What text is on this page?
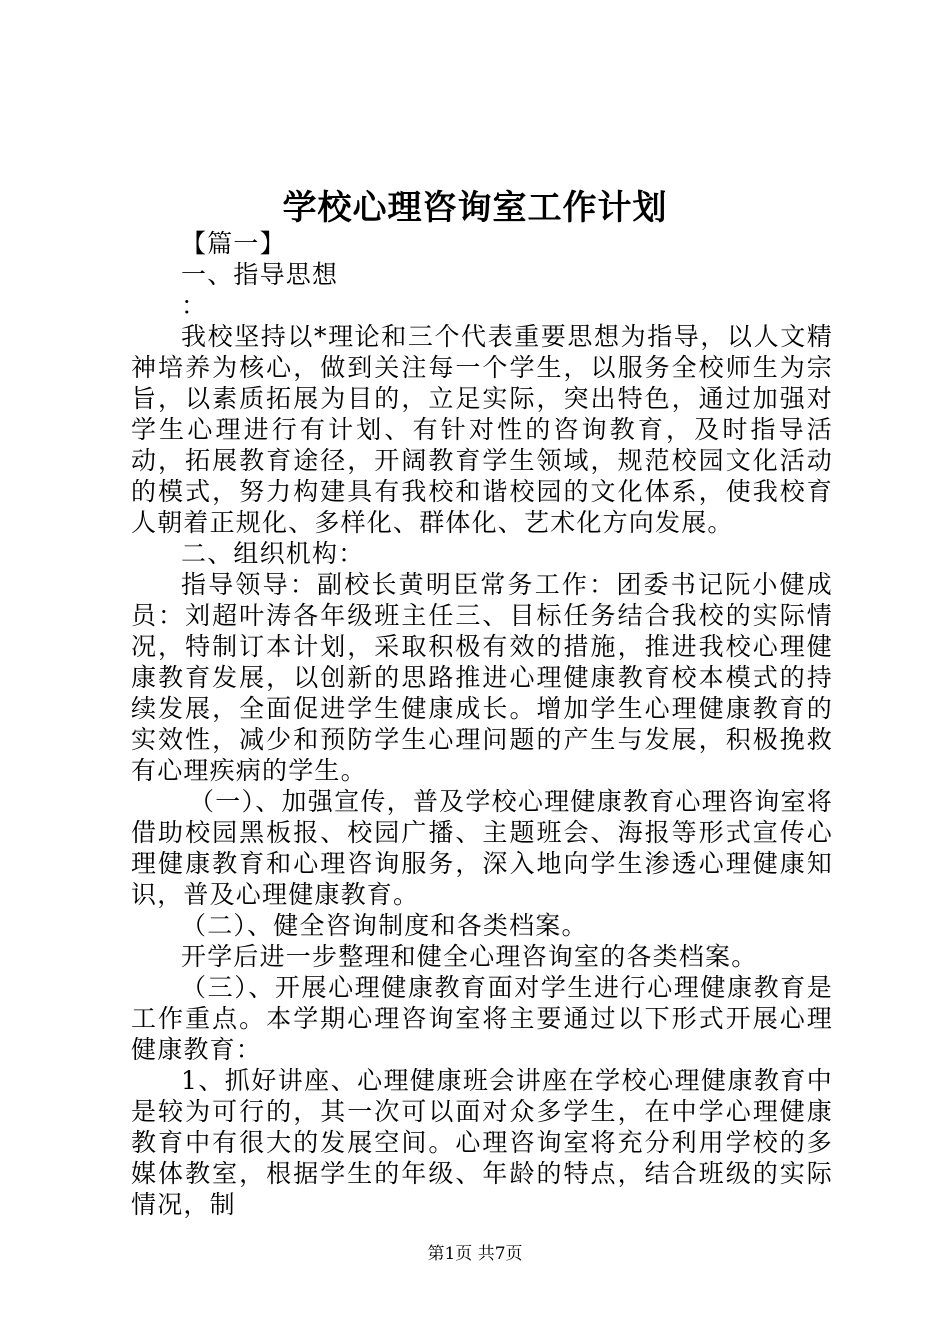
学校心理咨询室工作计划

【篇一】

一、指导思想

：

我校坚持以*理论和三个代表重要思想为指导，以人文精神培养为核心，做到关注每一个学生，以服务全校师生为宗旨，以素质拓展为目的，立足实际，突出特色，通过加强对学生心理进行有计划、有针对性的咨询教育，及时指导活动，拓展教育途径，开阔教育学生领域，规范校园文化活动的模式，努力构建具有我校和谐校园的文化体系，使我校育人朝着正规化、多样化、群体化、艺术化方向发展。

二、组织机构：

指导领导：副校长黄明臣常务工作：团委书记阮小健成员：刘超叶涛各年级班主任三、目标任务结合我校的实际情况，特制订本计划，采取积极有效的措施，推进我校心理健康教育发展，以创新的思路推进心理健康教育校本模式的持续发展，全面促进学生健康成长。增加学生心理健康教育的实效性，减少和预防学生心理问题的产生与发展，积极挽救有心理疾病的学生。

（一）、加强宣传，普及学校心理健康教育心理咨询室将借助校园黑板报、校园广播、主题班会、海报等形式宣传心理健康教育和心理咨询服务，深入地向学生渗透心理健康知识，普及心理健康教育。

（二）、健全咨询制度和各类档案。

开学后进一步整理和健全心理咨询室的各类档案。

（三）、开展心理健康教育面对学生进行心理健康教育是工作重点。本学期心理咨询室将主要通过以下形式开展心理健康教育：

1、抓好讲座、心理健康班会讲座在学校心理健康教育中是较为可行的，其一次可以面对众多学生，在中学心理健康教育中有很大的发展空间。心理咨询室将充分利用学校的多媒体教室，根据学生的年级、年龄的特点，结合班级的实际情况，制

第1页 共7页
